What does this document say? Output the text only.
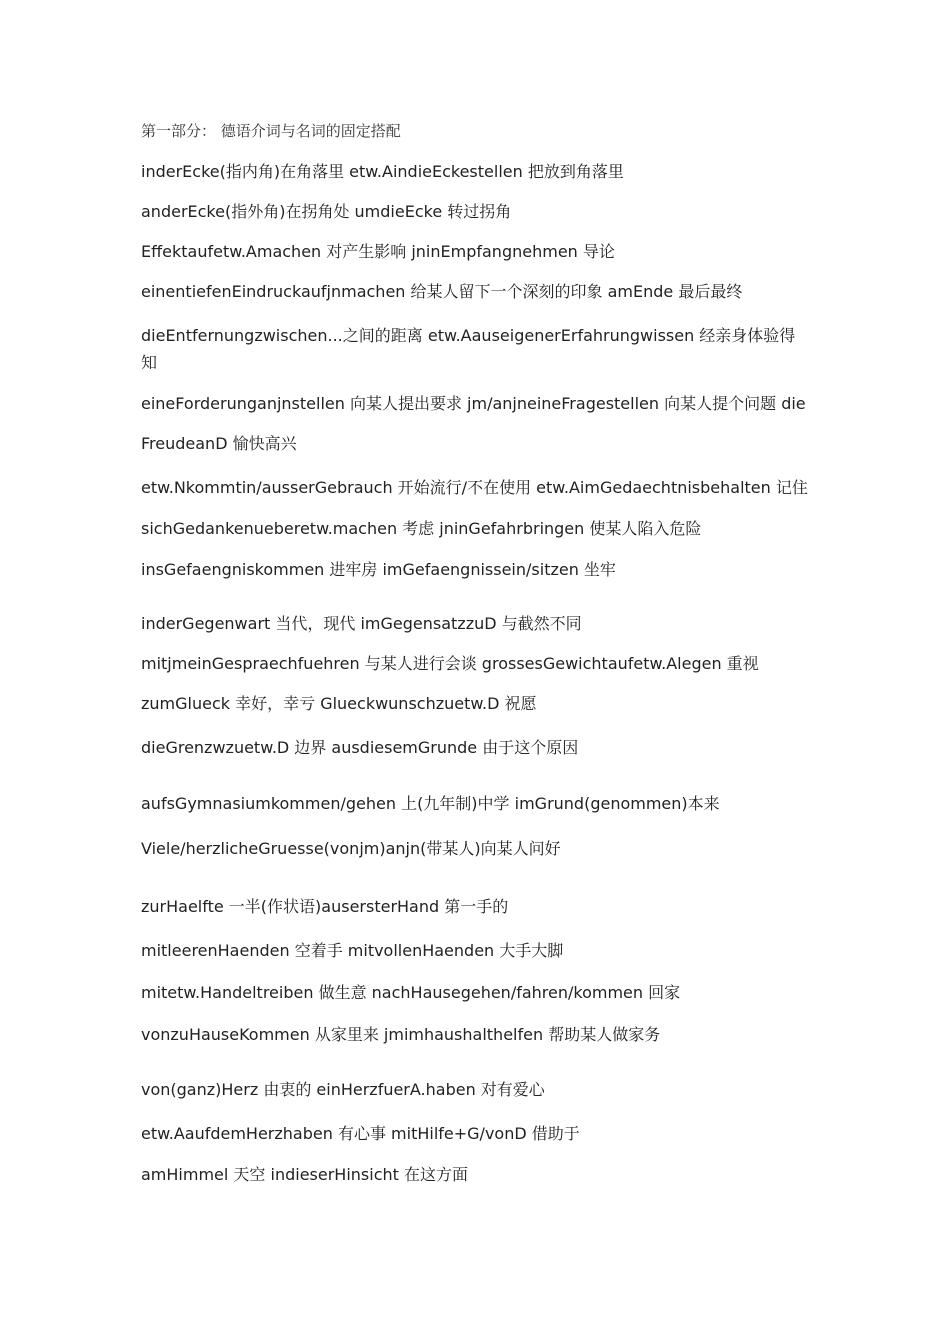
第一部分： 德语介词与名词的固定搭配
inderEcke(指内角)在角落里 etw.AindieEckestellen 把放到角落里
anderEcke(指外角)在拐角处 umdieEcke 转过拐角
Effektaufetw.Amachen 对产生影响 jninEmpfangnehmen 导论
einentiefenEindruckaufjnmachen 给某人留下一个深刻的印象 amEnde 最后最终
dieEntfernungzwischen...之间的距离 etw.AauseigenerErfahrungwissen 经亲身体验得知
eineForderunganjnstellen 向某人提出要求 jm/anjneineFragestellen 向某人提个问题 dieFreudeanD 愉快高兴
etw.Nkommtin/ausserGebrauch 开始流行/不在使用 etw.AimGedaechtnisbehalten 记住
sichGedankenueberetw.machen 考虑 jninGefahrbringen 使某人陷入危险
insGefaengniskommen 进牢房 imGefaengnissein/sitzen 坐牢
inderGegenwart 当代，现代 imGegensatzzuD 与截然不同
mitjmeinGespraechfuehren 与某人进行会谈 grossesGewichtaufetw.Alegen 重视
zumGlueck 幸好，幸亏 Glueckwunschzuetw.D 祝愿
dieGrenzwzuetw.D 边界 ausdiesemGrunde 由于这个原因
aufsGymnasiumkommen/gehen 上(九年制)中学 imGrund(genommen)本来
Viele/herzlicheGruesse(vonjm)anjn(带某人)向某人问好
zurHaelfte 一半(作状语)ausersterHand 第一手的
mitleerenHaenden 空着手 mitvollenHaenden 大手大脚
mitetw.Handeltreiben 做生意 nachHausegehen/fahren/kommen 回家
vonzuHauseKommen 从家里来 jmimhaushalthelfen 帮助某人做家务
von(ganz)Herz 由衷的 einHerzfuerA.haben 对有爱心
etw.AaufdemHerzhaben 有心事 mitHilfe+G/vonD 借助于
amHimmel 天空 indieserHinsicht 在这方面
